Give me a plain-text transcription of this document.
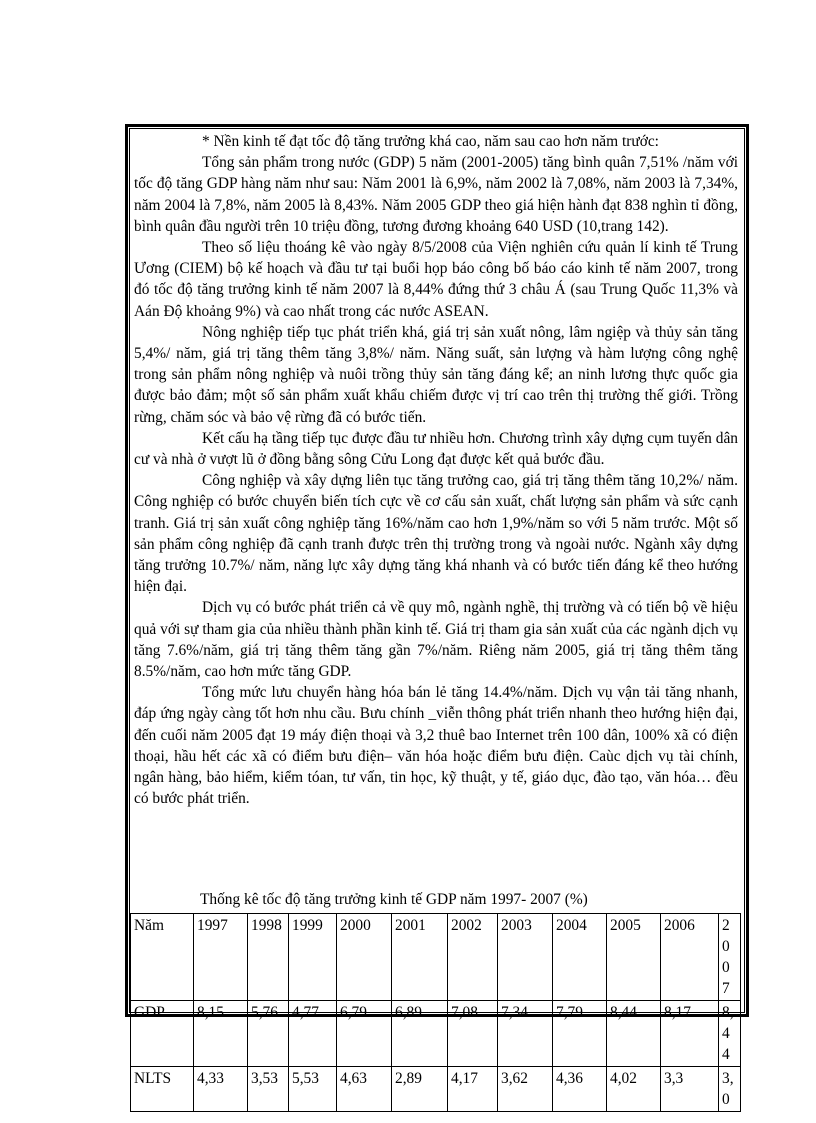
* Nền kinh tế đạt tốc độ tăng trưởng khá cao, năm sau cao hơn năm trước:

Tổng sản phẩm trong nước (GDP) 5 năm (2001-2005) tăng bình quân 7,51% /năm với tốc độ tăng GDP hàng năm như sau: Năm 2001 là 6,9%, năm 2002 là 7,08%, năm 2003 là 7,34%, năm 2004 là 7,8%, năm 2005 là 8,43%. Năm 2005 GDP theo giá hiện hành đạt 838 nghìn tỉ đồng, bình quân đầu người trên 10 triệu đồng, tương đương khoảng 640 USD (10,trang 142).

Theo số liệu thoáng kê vào ngày 8/5/2008 của Viện nghiên cứu quản lí kinh tế Trung Ương (CIEM) bộ kế hoạch và đầu tư tại buổi họp báo công bố báo cáo kinh tế năm 2007, trong đó tốc độ tăng trưởng kinh tế năm 2007 là 8,44% đứng thứ 3 châu Á (sau Trung Quốc 11,3% và Aán Độ khoảng 9%) và cao nhất trong các nước ASEAN.

Nông nghiệp tiếp tục phát triển khá, giá trị sản xuất nông, lâm ngiệp và thủy sản tăng 5,4%/ năm, giá trị tăng thêm tăng 3,8%/ năm. Năng suất, sản lượng và hàm lượng công nghệ trong sản phẩm nông nghiệp và nuôi trồng thủy sản tăng đáng kể; an ninh lương thực quốc gia được bảo đảm; một số sản phẩm xuất khẩu chiếm được vị trí cao trên thị trường thế giới. Trồng rừng, chăm sóc và bảo vệ rừng đã có bước tiến.

Kết cấu hạ tầng tiếp tục được đầu tư nhiều hơn. Chương trình xây dựng cụm tuyến dân cư và nhà ở vượt lũ ở đồng bằng sông Cửu Long đạt được kết quả bước đầu.

Công nghiệp và xây dựng liên tục tăng trưởng cao, giá trị tăng thêm tăng 10,2%/ năm. Công nghiệp có bước chuyển biến tích cực về cơ cấu sản xuất, chất lượng sản phẩm và sức cạnh tranh. Giá trị sản xuất công nghiệp tăng 16%/năm cao hơn 1,9%/năm so với 5 năm trước. Một số sản phẩm công nghiệp đã cạnh tranh được trên thị trường trong và ngoài nước. Ngành xây dựng tăng trưởng 10.7%/ năm, năng lực xây dựng tăng khá nhanh và có bước tiến đáng kể theo hướng hiện đại.

Dịch vụ có bước phát triển cả về quy mô, ngành nghề, thị trường và có tiến bộ về hiệu quả với sự tham gia của nhiều thành phần kinh tế. Giá trị tham gia sản xuất của các ngành dịch vụ tăng 7.6%/năm, giá trị tăng thêm tăng gần 7%/năm. Riêng năm 2005, giá trị tăng thêm tăng 8.5%/năm, cao hơn mức tăng GDP.

Tổng mức lưu chuyển hàng hóa bán lẻ tăng 14.4%/năm. Dịch vụ vận tải tăng nhanh, đáp ứng ngày càng tốt hơn nhu cầu. Bưu chính _viễn thông phát triển nhanh theo hướng hiện đại, đến cuối năm 2005 đạt 19 máy điện thoại và 3,2 thuê bao Internet trên 100 dân, 100% xã có điện thoại, hầu hết các xã có điểm bưu điện– văn hóa hoặc điểm bưu điện. Caùc dịch vụ tài chính, ngân hàng, bảo hiểm, kiểm tóan, tư vấn, tin học, kỹ thuật, y tế, giáo dục, đào tạo, văn hóa… đều có bước phát triển.

Thống kê tốc độ tăng trưởng kinh tế GDP năm 1997- 2007 (%)
Năm	1997	1998	1999	2000	2001	2002	2003	2004	2005	2006	2007
GDP	8,15	5,76	4,77	6,79	6,89	7,08	7,34	7,79	8,44	8,17	8,44
NLTS	4,33	3,53	5,53	4,63	2,89	4,17	3,62	4,36	4,02	3,3	3,0
